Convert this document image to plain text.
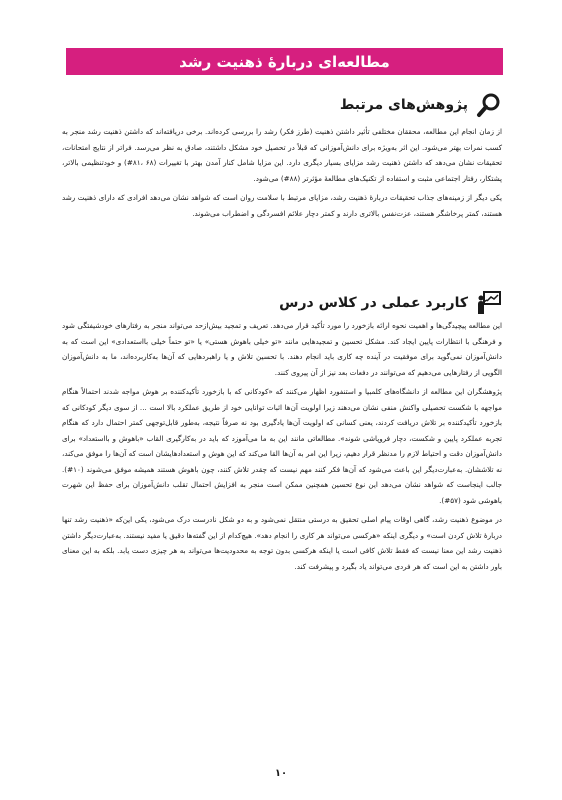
مطالعه‌ای دربارۀ ذهنیت رشد
پژوهش‌های مرتبط

از زمان انجام این مطالعه، محققان مختلفی تأثیر داشتن ذهنیت (طرز فکر) رشد را بررسی کرده‌اند. برخی دریافته‌اند که داشتن ذهنیت رشد منجر به کسب نمرات بهتر می‌شود. این اثر به‌ویژه برای دانش‌آموزانی که قبلاً در تحصیل خود مشکل داشتند، صادق به نظر می‌رسد. فراتر از نتایج امتحانات، تحقیقات نشان می‌دهد که داشتن ذهنیت رشد مزایای بسیار دیگری دارد. این مزایا شامل کنار آمدن بهتر با تغییرات (۶۸ ،۸۱#) و خودتنظیمی بالاتر، پشتکار، رفتار اجتماعی مثبت و استفاده از تکنیک‌های مطالعۀ مؤثرتر (۸۸#) می‌شود.

یکی دیگر از زمینه‌های جذاب تحقیقات دربارۀ ذهنیت رشد، مزایای مرتبط با سلامت روان است که شواهد نشان می‌دهد افرادی که دارای ذهنیت رشد هستند، کمتر پرخاشگر هستند، عزت‌نفس بالاتری دارند و کمتر دچار علائم افسردگی و اضطراب می‌شوند.

کاربرد عملی در کلاس درس

این مطالعه پیچیدگی‌ها و اهمیت نحوه ارائه بازخورد را مورد تأکید قرار می‌دهد. تعریف و تمجید بیش‌ازحد می‌تواند منجر به رفتارهای خودشیفتگی شود و فرهنگی با انتظارات پایین ایجاد کند. مشکل تحسین و تمجیدهایی مانند «تو خیلی باهوش هستی» یا «تو حتماً خیلی بااستعدادی» این است که به دانش‌آموزان نمی‌گوید برای موفقیت در آینده چه کاری باید انجام دهند. با تحسین تلاش و یا راهبردهایی که آن‌ها به‌کاربرده‌اند، ما به دانش‌آموزان الگویی از رفتارهایی می‌دهیم که می‌توانند در دفعات بعد نیز از آن پیروی کنند.

پژوهشگران این مطالعه از دانشگاه‌های کلمبیا و استنفورد اظهار می‌کنند که «کودکانی که با بازخورد تأکیدکننده بر هوش مواجه شدند احتمالاً هنگام مواجهه با شکست تحصیلی واکنش منفی نشان می‌دهند زیرا اولویت آن‌ها اثبات توانایی خود از طریق عملکرد بالا است ... از سوی دیگر کودکانی که بازخورد تأکیدکننده بر تلاش دریافت کردند، یعنی کسانی که اولویت آن‌ها یادگیری بود نه صرفاً نتیجه، به‌طور قابل‌توجهی کمتر احتمال دارد که هنگام تجربه عملکرد پایین و شکست، دچار فروپاشی شوند». مطالعاتی مانند این به ما می‌آموزد که باید در به‌کارگیری القاب «باهوش و بااستعداد» برای دانش‌آموزان دقت و احتیاط لازم را مدنظر قرار دهیم، زیرا این امر به آن‌ها القا می‌کند که این هوش و استعدادهایشان است که آن‌ها را موفق می‌کند، نه تلاششان. به‌عبارت‌دیگر این باعث می‌شود که آن‌ها فکر کنند مهم نیست که چقدر تلاش کنند، چون باهوش هستند همیشه موفق می‌شوند (۱۰#). جالب اینجاست که شواهد نشان می‌دهد این نوع تحسین همچنین ممکن است منجر به افزایش احتمال تقلب دانش‌آموزان برای حفظ این شهرت باهوشی شود (۵۷#).

در موضوع ذهنیت رشد، گاهی اوقات پیام اصلی تحقیق به درستی منتقل نمی‌شود و به دو شکل نادرست درک می‌شود، یکی این‌که «ذهنیت رشد تنها دربارۀ تلاش کردن است» و دیگری اینکه «هرکسی می‌تواند هر کاری را انجام دهد». هیچ‌کدام از این گفته‌ها دقیق یا مفید نیستند. به‌عبارت‌دیگر داشتن ذهنیت رشد این معنا نیست که فقط تلاش کافی است یا اینکه هرکسی بدون توجه به محدودیت‌ها می‌تواند به هر چیزی دست یابد. بلکه به این معنای باور داشتن به این است که هر فردی می‌تواند یاد بگیرد و پیشرفت کند.

۱۰
